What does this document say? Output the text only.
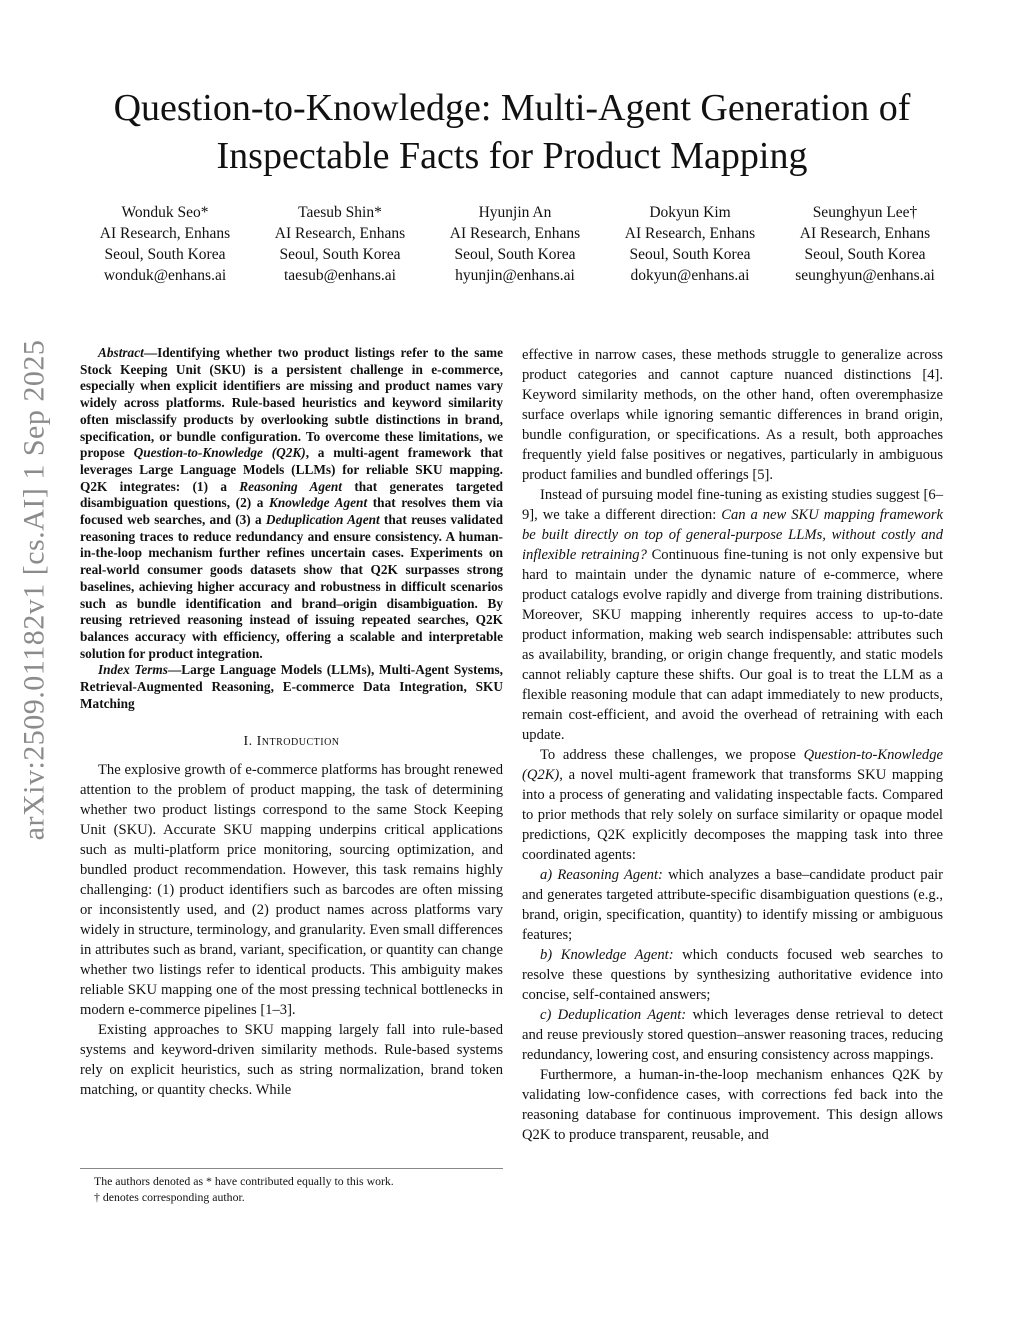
arXiv:2509.01182v1 [cs.AI] 1 Sep 2025
Question-to-Knowledge: Multi-Agent Generation of
Inspectable Facts for Product Mapping
Wonduk Seo*
AI Research, Enhans
Seoul, South Korea
wonduk@enhans.ai
Taesub Shin*
AI Research, Enhans
Seoul, South Korea
taesub@enhans.ai
Hyunjin An
AI Research, Enhans
Seoul, South Korea
hyunjin@enhans.ai
Dokyun Kim
AI Research, Enhans
Seoul, South Korea
dokyun@enhans.ai
Seunghyun Lee†
AI Research, Enhans
Seoul, South Korea
seunghyun@enhans.ai

Abstract—Identifying whether two product listings refer to the same Stock Keeping Unit (SKU) is a persistent challenge in e-commerce, especially when explicit identifiers are missing and product names vary widely across platforms. Rule-based heuristics and keyword similarity often misclassify products by overlooking subtle distinctions in brand, specification, or bundle configuration. To overcome these limitations, we propose Question-to-Knowledge (Q2K), a multi-agent framework that leverages Large Language Models (LLMs) for reliable SKU mapping. Q2K integrates: (1) a Reasoning Agent that generates targeted disambiguation questions, (2) a Knowledge Agent that resolves them via focused web searches, and (3) a Deduplication Agent that reuses validated reasoning traces to reduce redundancy and ensure consistency. A human-in-the-loop mechanism further refines uncertain cases. Experiments on real-world consumer goods datasets show that Q2K surpasses strong baselines, achieving higher accuracy and robustness in difficult scenarios such as bundle identification and brand–origin disambiguation. By reusing retrieved reasoning instead of issuing repeated searches, Q2K balances accuracy with efficiency, offering a scalable and interpretable solution for product integration.

Index Terms—Large Language Models (LLMs), Multi-Agent Systems, Retrieval-Augmented Reasoning, E-commerce Data Integration, SKU Matching

I. Introduction

The explosive growth of e-commerce platforms has brought renewed attention to the problem of product mapping, the task of determining whether two product listings correspond to the same Stock Keeping Unit (SKU). Accurate SKU mapping underpins critical applications such as multi-platform price monitoring, sourcing optimization, and bundled product recommendation. However, this task remains highly challenging: (1) product identifiers such as barcodes are often missing or inconsistently used, and (2) product names across platforms vary widely in structure, terminology, and granularity. Even small differences in attributes such as brand, variant, specification, or quantity can change whether two listings refer to identical products. This ambiguity makes reliable SKU mapping one of the most pressing technical bottlenecks in modern e-commerce pipelines [1–3].

Existing approaches to SKU mapping largely fall into rule-based systems and keyword-driven similarity methods. Rule-based systems rely on explicit heuristics, such as string normalization, brand token matching, or quantity checks. While

The authors denoted as * have contributed equally to this work.

† denotes corresponding author.

effective in narrow cases, these methods struggle to generalize across product categories and cannot capture nuanced distinctions [4]. Keyword similarity methods, on the other hand, often overemphasize surface overlaps while ignoring semantic differences in brand origin, bundle configuration, or specifications. As a result, both approaches frequently yield false positives or negatives, particularly in ambiguous product families and bundled offerings [5].

Instead of pursuing model fine-tuning as existing studies suggest [6–9], we take a different direction: Can a new SKU mapping framework be built directly on top of general-purpose LLMs, without costly and inflexible retraining? Continuous fine-tuning is not only expensive but hard to maintain under the dynamic nature of e-commerce, where product catalogs evolve rapidly and diverge from training distributions. Moreover, SKU mapping inherently requires access to up-to-date product information, making web search indispensable: attributes such as availability, branding, or origin change frequently, and static models cannot reliably capture these shifts. Our goal is to treat the LLM as a flexible reasoning module that can adapt immediately to new products, remain cost-efficient, and avoid the overhead of retraining with each update.

To address these challenges, we propose Question-to-Knowledge (Q2K), a novel multi-agent framework that transforms SKU mapping into a process of generating and validating inspectable facts. Compared to prior methods that rely solely on surface similarity or opaque model predictions, Q2K explicitly decomposes the mapping task into three coordinated agents:

a) Reasoning Agent: which analyzes a base–candidate product pair and generates targeted attribute-specific disambiguation questions (e.g., brand, origin, specification, quantity) to identify missing or ambiguous features;

b) Knowledge Agent: which conducts focused web searches to resolve these questions by synthesizing authoritative evidence into concise, self-contained answers;

c) Deduplication Agent: which leverages dense retrieval to detect and reuse previously stored question–answer reasoning traces, reducing redundancy, lowering cost, and ensuring consistency across mappings.

Furthermore, a human-in-the-loop mechanism enhances Q2K by validating low-confidence cases, with corrections fed back into the reasoning database for continuous improvement. This design allows Q2K to produce transparent, reusable, and
